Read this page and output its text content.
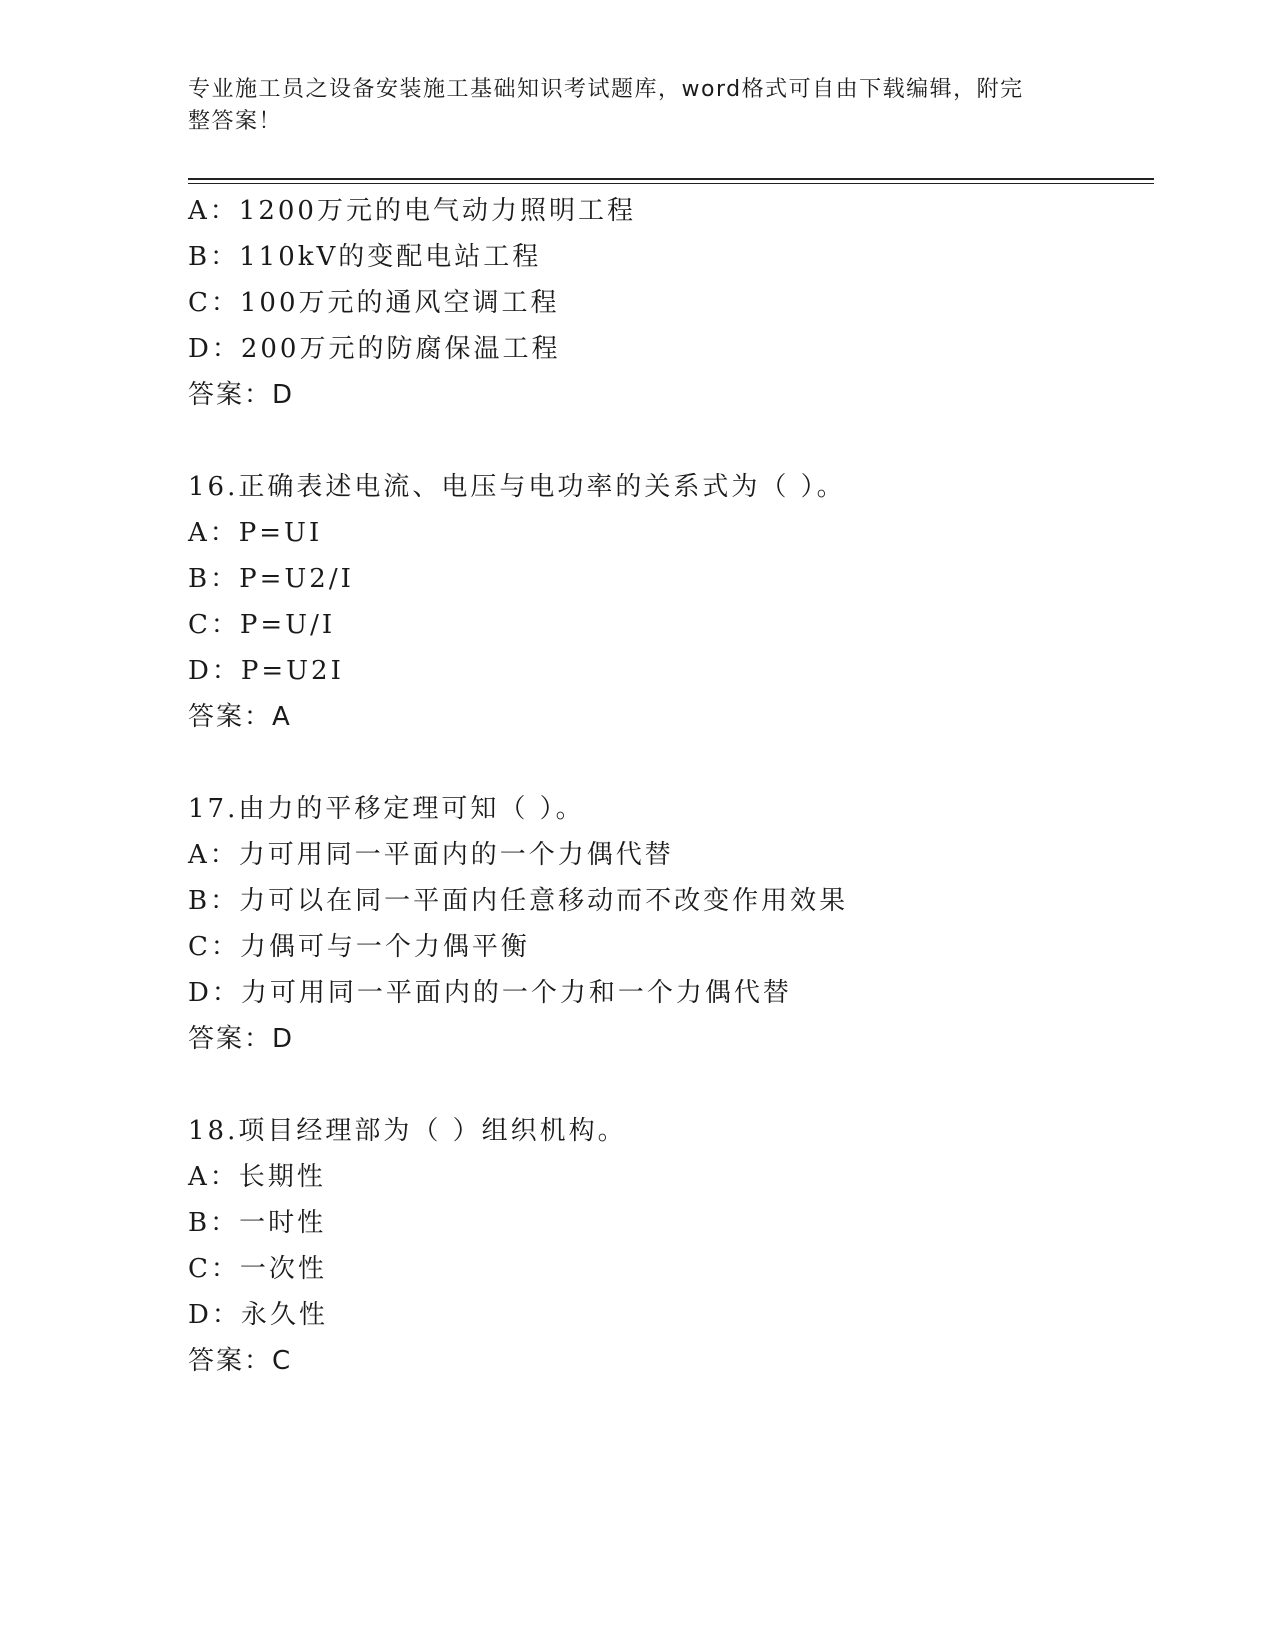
专业施工员之设备安装施工基础知识考试题库，word格式可自由下载编辑，附完
整答案！
A：1200万元的电气动力照明工程
B：110kV的变配电站工程
C：100万元的通风空调工程
D：200万元的防腐保温工程
答案：D
16.正确表述电流、电压与电功率的关系式为（ ）。
A：P=UI
B：P=U2/I
C：P=U/I
D：P=U2I
答案：A
17.由力的平移定理可知（ ）。
A：力可用同一平面内的一个力偶代替
B：力可以在同一平面内任意移动而不改变作用效果
C：力偶可与一个力偶平衡
D：力可用同一平面内的一个力和一个力偶代替
答案：D
18.项目经理部为（ ）组织机构。
A：长期性
B：一时性
C：一次性
D：永久性
答案：C
